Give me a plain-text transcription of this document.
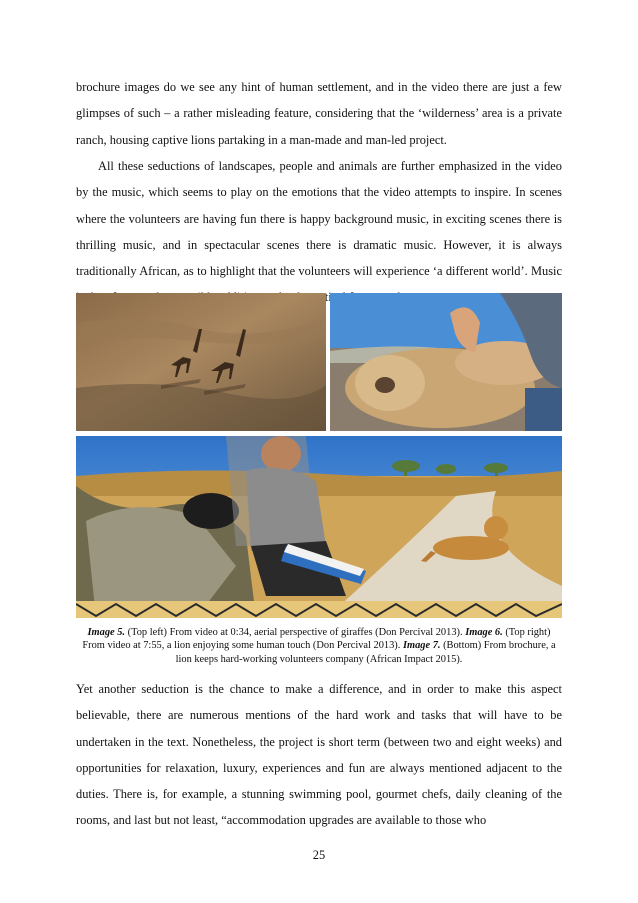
brochure images do we see any hint of human settlement, and in the video there are just a few glimpses of such – a rather misleading feature, considering that the ‘wilderness’ area is a private ranch, housing captive lions partaking in a man-made and man-led project.

All these seductions of landscapes, people and animals are further emphasized in the video by the music, which seems to play on the emotions that the video attempts to inspire. In scenes where the volunteers are having fun there is happy background music, in exciting scenes there is thrilling music, and in spectacular scenes there is dramatic music. However, it is always traditionally African, as to highlight that the volunteers will experience ‘a different world’. Music

Image 5. (Top left) From video at 0:34, aerial perspective of giraffes (Don Percival 2013). Image 6. (Top right) From video at 7:55, a lion enjoying some human touch (Don Percival 2013). Image 7. (Bottom) From brochure, a lion keeps hard-working volunteers company (African Impact 2015).

Yet another seduction is the chance to make a difference, and in order to make this aspect believable, there are numerous mentions of the hard work and tasks that will have to be undertaken in the text. Nonetheless, the project is short term (between two and eight weeks) and opportunities for relaxation, luxury, experiences and fun are always mentioned adjacent to the duties. There is, for example, a stunning swimming pool, gourmet chefs, daily cleaning of the rooms, and last but not least, “accommodation upgrades are available to those who

25
